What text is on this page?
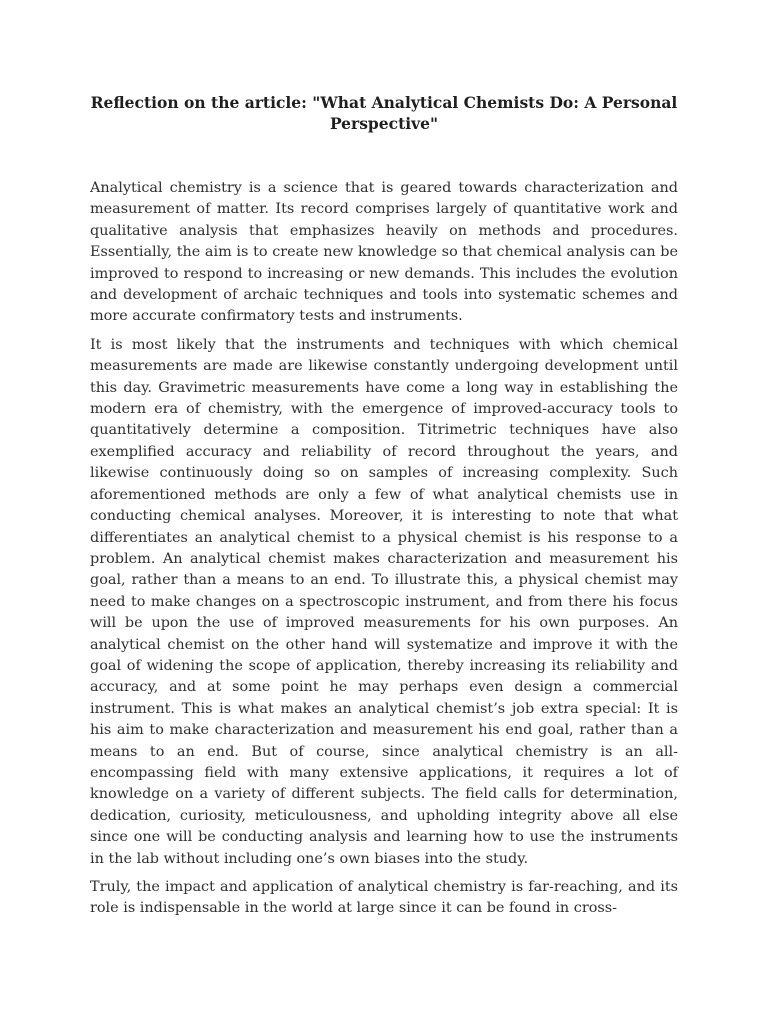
Reflection on the article: "What Analytical Chemists Do: A Personal Perspective"

Analytical chemistry is a science that is geared towards characterization and measurement of matter. Its record comprises largely of quantitative work and qualitative analysis that emphasizes heavily on methods and procedures. Essentially, the aim is to create new knowledge so that chemical analysis can be improved to respond to increasing or new demands. This includes the evolution and development of archaic techniques and tools into systematic schemes and more accurate confirmatory tests and instruments.

It is most likely that the instruments and techniques with which chemical measurements are made are likewise constantly undergoing development until this day. Gravimetric measurements have come a long way in establishing the modern era of chemistry, with the emergence of improved-accuracy tools to quantitatively determine a composition. Titrimetric techniques have also exemplified accuracy and reliability of record throughout the years, and likewise continuously doing so on samples of increasing complexity. Such aforementioned methods are only a few of what analytical chemists use in conducting chemical analyses. Moreover, it is interesting to note that what differentiates an analytical chemist to a physical chemist is his response to a problem. An analytical chemist makes characterization and measurement his goal, rather than a means to an end. To illustrate this, a physical chemist may need to make changes on a spectroscopic instrument, and from there his focus will be upon the use of improved measurements for his own purposes. An analytical chemist on the other hand will systematize and improve it with the goal of widening the scope of application, thereby increasing its reliability and accuracy, and at some point he may perhaps even design a commercial instrument. This is what makes an analytical chemist’s job extra special: It is his aim to make characterization and measurement his end goal, rather than a means to an end. But of course, since analytical chemistry is an all-encompassing field with many extensive applications, it requires a lot of knowledge on a variety of different subjects. The field calls for determination, dedication, curiosity, meticulousness, and upholding integrity above all else since one will be conducting analysis and learning how to use the instruments in the lab without including one’s own biases into the study.

Truly, the impact and application of analytical chemistry is far-reaching, and its role is indispensable in the world at large since it can be found in cross-
